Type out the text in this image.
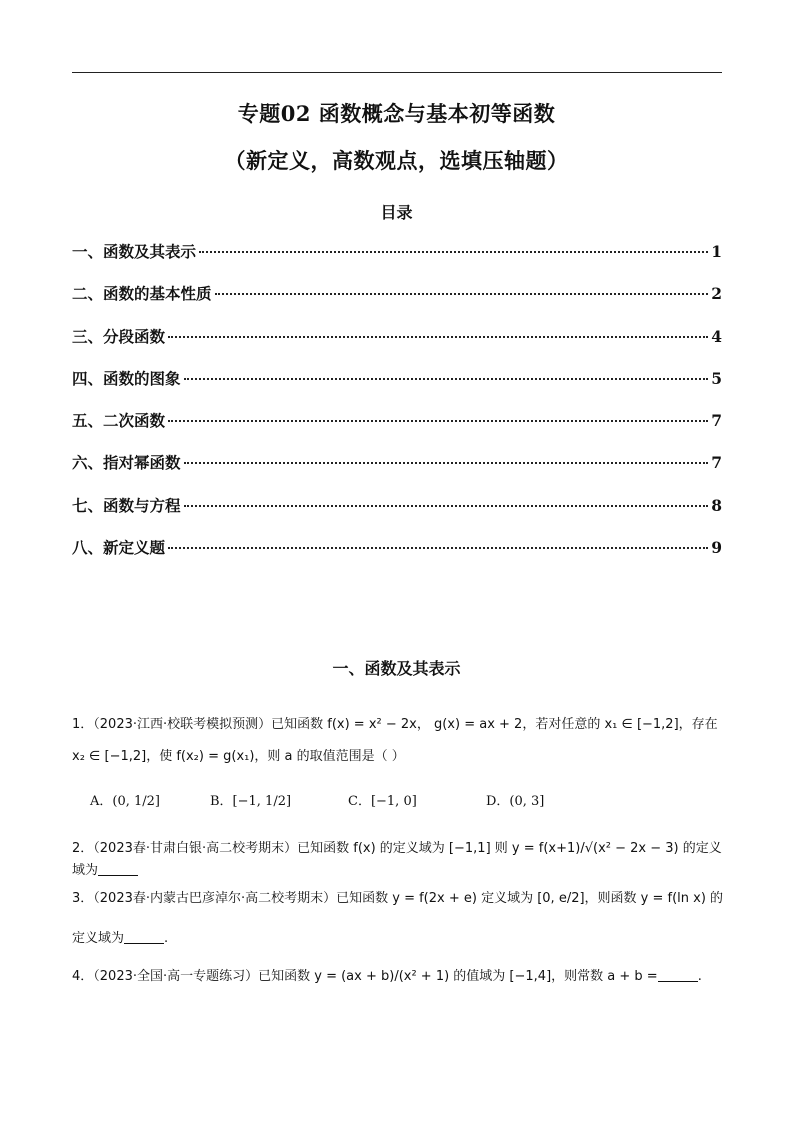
专题02 函数概念与基本初等函数
（新定义，高数观点，选填压轴题）
目录
一、函数及其表示	1
二、函数的基本性质	2
三、分段函数	4
四、函数的图象	5
五、二次函数	7
六、指对幂函数	7
七、函数与方程	8
八、新定义题	9
一、函数及其表示
1．（2023·江西·校联考模拟预测）已知函数 f(x) = x² − 2x， g(x) = ax + 2，若对任意的 x₁ ∈ [−1,2]，存在
x₂ ∈ [−1,2]，使 f(x₂) = g(x₁)，则 a 的取值范围是（ ）
A．(0, 1/2]	B．[−1, 1/2]	C．[−1, 0]	D．(0, 3]
2．（2023春·甘肃白银·高二校考期末）已知函数 f(x) 的定义域为 [−1,1] 则 y = f(x+1)/√(x² − 2x − 3) 的定义域为
3．（2023春·内蒙古巴彦淖尔·高二校考期末）已知函数 y = f(2x + e) 定义域为 [0, e/2]，则函数 y = f(ln x) 的
定义域为	.
4．（2023·全国·高一专题练习）已知函数 y = (ax + b)/(x² + 1) 的值域为 [−1,4]，则常数 a + b =	.
